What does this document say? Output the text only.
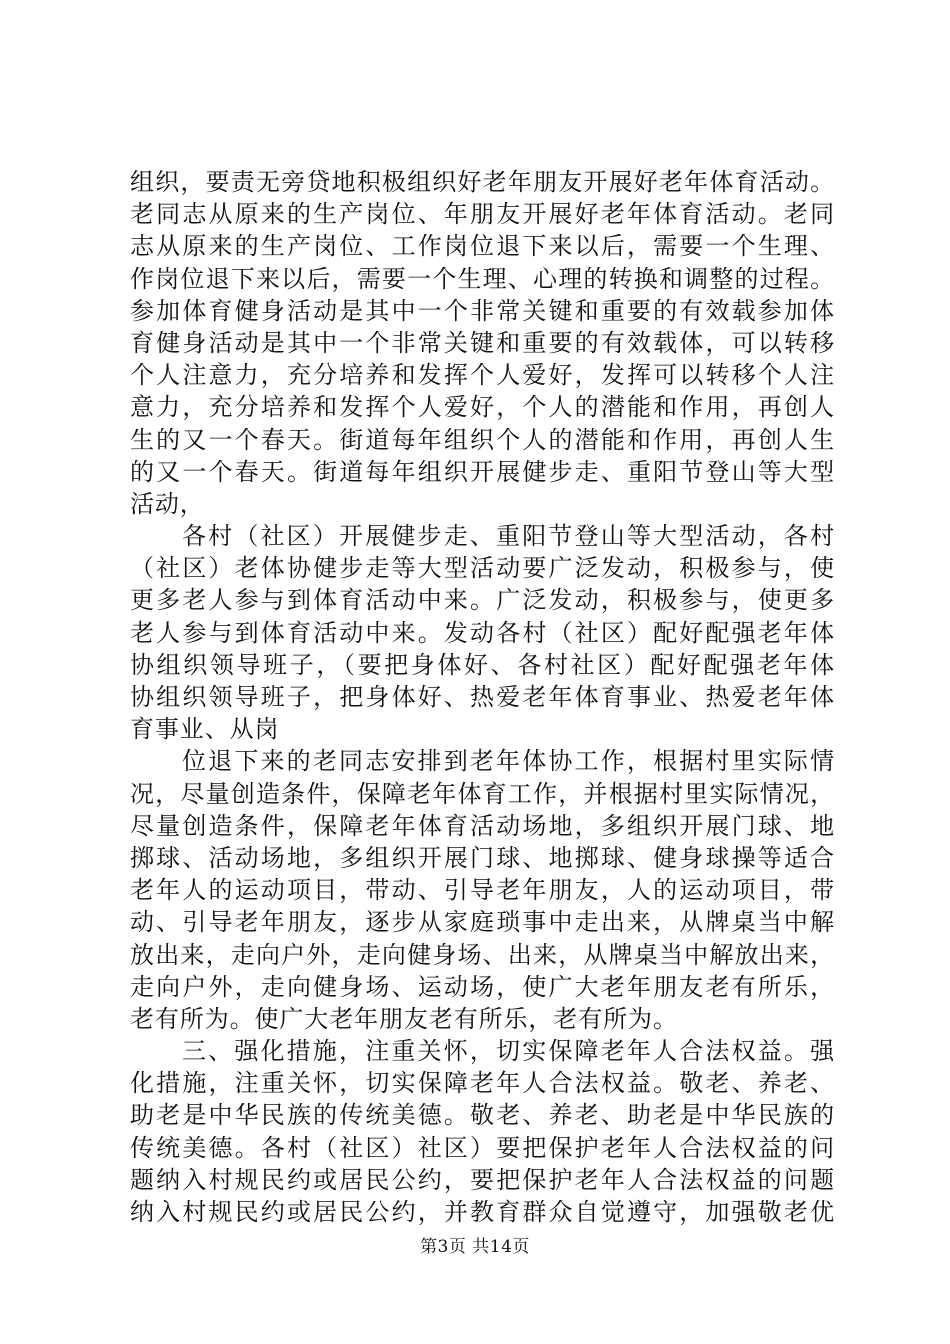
组织，要责无旁贷地积极组织好老年朋友开展好老年体育活动。
老同志从原来的生产岗位、年朋友开展好老年体育活动。老同
志从原来的生产岗位、工作岗位退下来以后，需要一个生理、
作岗位退下来以后，需要一个生理、心理的转换和调整的过程。
参加体育健身活动是其中一个非常关键和重要的有效载参加体
育健身活动是其中一个非常关键和重要的有效载体，可以转移
个人注意力，充分培养和发挥个人爱好，发挥可以转移个人注
意力，充分培养和发挥个人爱好，个人的潜能和作用，再创人
生的又一个春天。街道每年组织个人的潜能和作用，再创人生
的又一个春天。街道每年组织开展健步走、重阳节登山等大型
活动，
各村（社区）开展健步走、重阳节登山等大型活动，各村
（社区）老体协健步走等大型活动要广泛发动，积极参与，使
更多老人参与到体育活动中来。广泛发动，积极参与，使更多
老人参与到体育活动中来。发动各村（社区）配好配强老年体
协组织领导班子，（要把身体好、各村社区）配好配强老年体
协组织领导班子，把身体好、热爱老年体育事业、热爱老年体
育事业、从岗
位退下来的老同志安排到老年体协工作，根据村里实际情
况，尽量创造条件，保障老年体育工作，并根据村里实际情况，
尽量创造条件，保障老年体育活动场地，多组织开展门球、地
掷球、活动场地，多组织开展门球、地掷球、健身球操等适合
老年人的运动项目，带动、引导老年朋友，人的运动项目，带
动、引导老年朋友，逐步从家庭琐事中走出来，从牌桌当中解
放出来，走向户外，走向健身场、出来，从牌桌当中解放出来，
走向户外，走向健身场、运动场，使广大老年朋友老有所乐，
老有所为。使广大老年朋友老有所乐，老有所为。
三、强化措施，注重关怀，切实保障老年人合法权益。强
化措施，注重关怀，切实保障老年人合法权益。敬老、养老、
助老是中华民族的传统美德。敬老、养老、助老是中华民族的
传统美德。各村（社区）社区）要把保护老年人合法权益的问
题纳入村规民约或居民公约，要把保护老年人合法权益的问题
纳入村规民约或居民公约，并教育群众自觉遵守，加强敬老优
第3页 共14页
